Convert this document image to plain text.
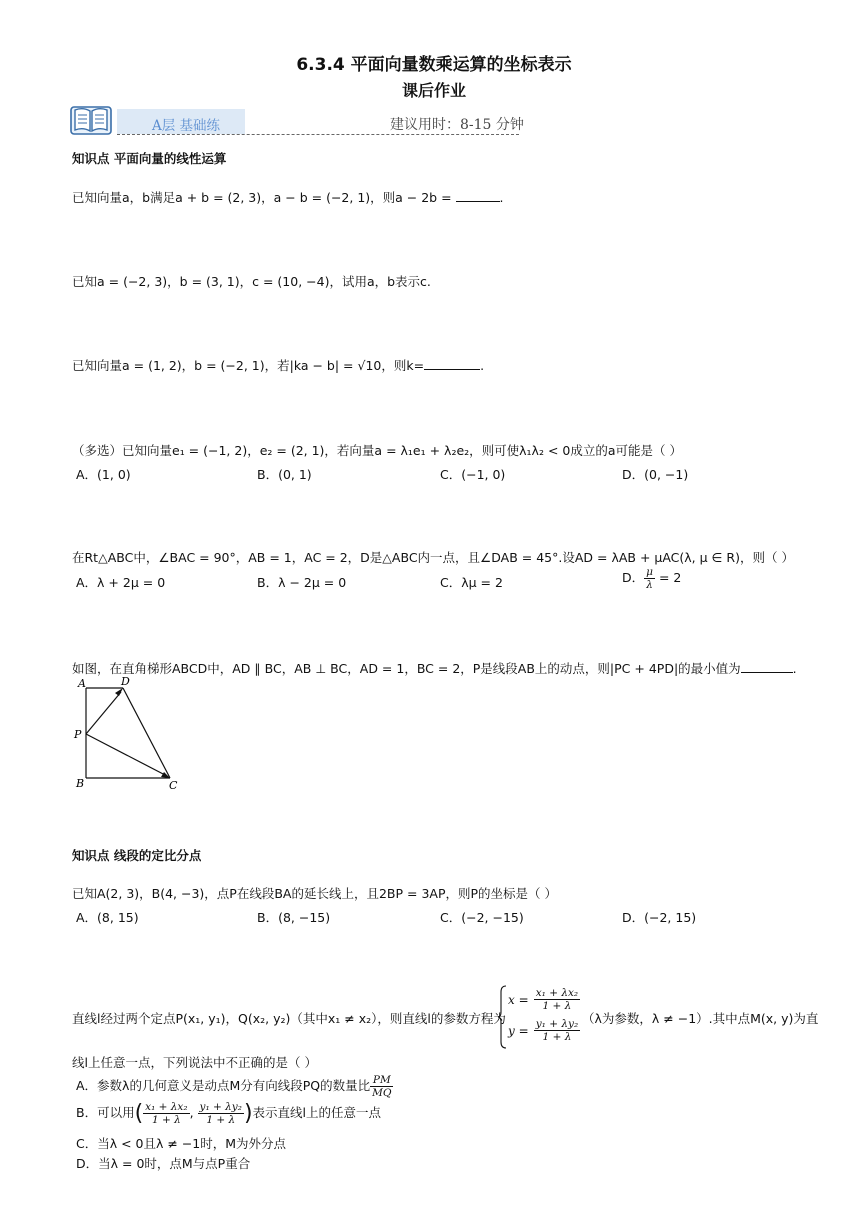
6.3.4 平面向量数乘运算的坐标表示
课后作业
A层 基础练	建议用时：8-15 分钟
知识点 平面向量的线性运算
已知向量a，b满足a + b = (2, 3)，a − b = (−2, 1)，则a − 2b =	.
已知a = (−2, 3)，b = (3, 1)，c = (10, −4)，试用a，b表示c.
已知向量a = (1, 2)，b = (−2, 1)，若|ka − b| = √10，则k=	.
（多选）已知向量e₁ = (−1, 2)，e₂ = (2, 1)，若向量a = λ₁e₁ + λ₂e₂，则可使λ₁λ₂ < 0成立的a可能是（ ）
A．(1, 0)	B．(0, 1)	C．(−1, 0)	D．(0, −1)
在Rt△ABC中，∠BAC = 90°，AB = 1，AC = 2，D是△ABC内一点，且∠DAB = 45°.设AD = λAB + μAC(λ, μ ∈ R)，则（ ）
A．λ + 2μ = 0	B．λ − 2μ = 0	C．λμ = 2	D． $\frac{\mu}{\lambda} = 2$
如图，在直角梯形ABCD中，AD ∥ BC，AB ⊥ BC，AD = 1，BC = 2，P是线段AB上的动点，则|PC + 4PD|的最小值为	.
A	D
P
B	C
知识点 线段的定比分点
已知A(2, 3)，B(4, −3)，点P在线段BA的延长线上，且2BP = 3AP，则P的坐标是（ ）
A．(8, 15)	B．(8, −15)	C．(−2, −15)	D．(−2, 15)
直线l经过两个定点P(x₁, y₁)，Q(x₂, y₂)（其中x₁ ≠ x₂），则直线l的参数方程为
$x = \frac{\text{x₁ + λx₂}}{1 + \lambda}$
$y = \frac{\text{y₁ + λy₂}}{1 + \lambda} (\lambda$为参数，λ ≠ −1）.其中点M(x, y)为直
线l上任意一点，下列说法中不正确的是（ ）
A．参数λ的几何意义是动点M分有向线段PQ的数量比 $\frac{PM}{MQ}$
B．可以用( $\frac{\text{x₁ + λx₂}}{1 + \lambda}$ , $\frac{\text{y₁ + λy₂}}{1 + \lambda}$ )表示直线l上的任意一点
C．当λ < 0且λ ≠ −1时，M为外分点
D．当λ = 0时，点M与点P重合
